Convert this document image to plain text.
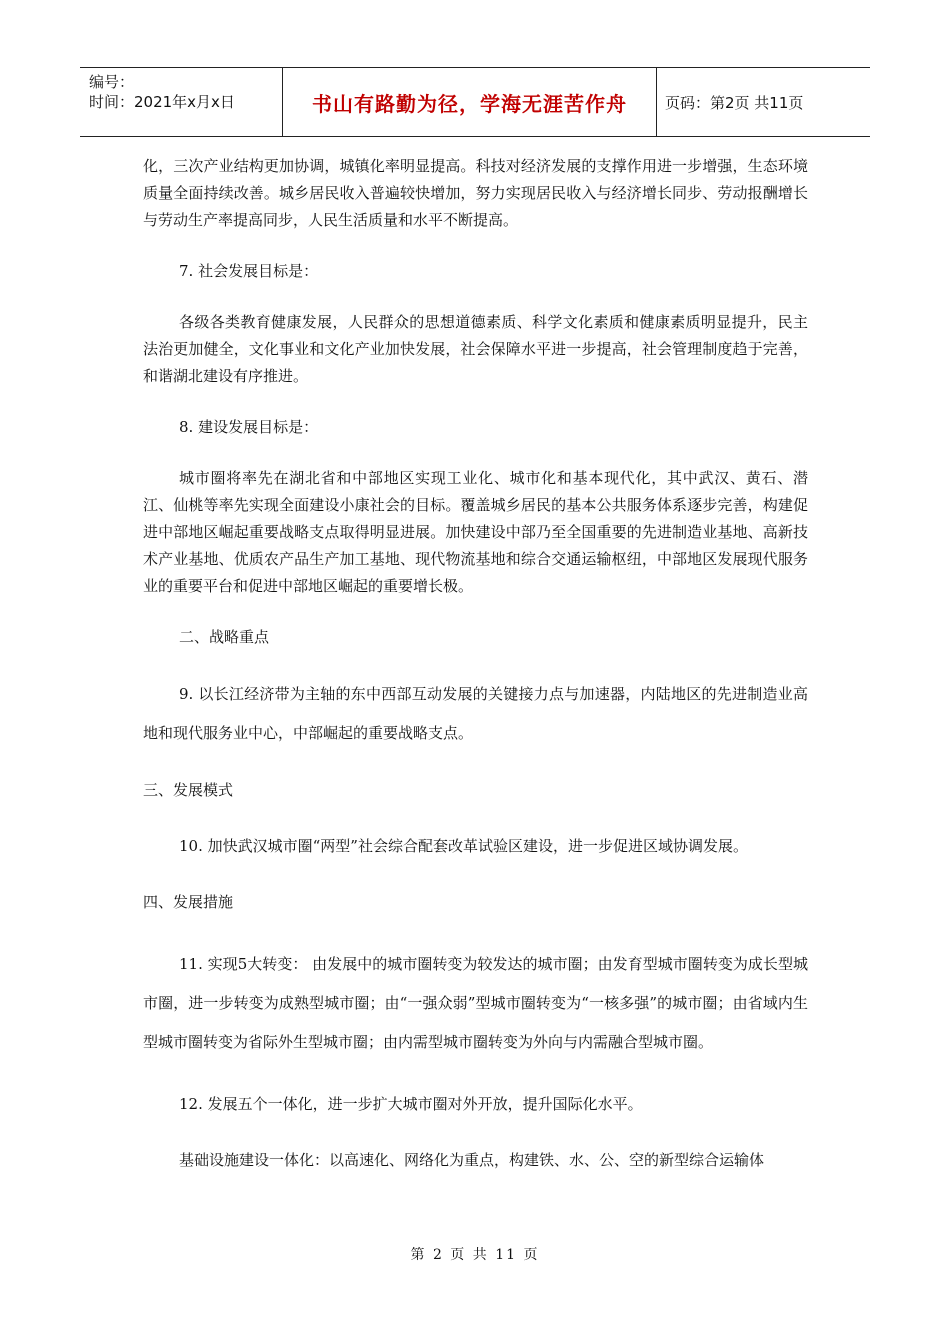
编号：
时间：2021年x月x日	书山有路勤为径，学海无涯苦作舟	页码：第2页 共11页

化，三次产业结构更加协调，城镇化率明显提高。科技对经济发展的支撑作用进一步增强，生态环境质量全面持续改善。城乡居民收入普遍较快增加，努力实现居民收入与经济增长同步、劳动报酬增长与劳动生产率提高同步，人民生活质量和水平不断提高。

7. 社会发展目标是：

各级各类教育健康发展，人民群众的思想道德素质、科学文化素质和健康素质明显提升，民主法治更加健全，文化事业和文化产业加快发展，社会保障水平进一步提高，社会管理制度趋于完善，和谐湖北建设有序推进。

8. 建设发展目标是：

城市圈将率先在湖北省和中部地区实现工业化、城市化和基本现代化，其中武汉、黄石、潜江、仙桃等率先实现全面建设小康社会的目标。覆盖城乡居民的基本公共服务体系逐步完善，构建促进中部地区崛起重要战略支点取得明显进展。加快建设中部乃至全国重要的先进制造业基地、高新技术产业基地、优质农产品生产加工基地、现代物流基地和综合交通运输枢纽，中部地区发展现代服务业的重要平台和促进中部地区崛起的重要增长极。

二、战略重点

9. 以长江经济带为主轴的东中西部互动发展的关键接力点与加速器，内陆地区的先进制造业高地和现代服务业中心，中部崛起的重要战略支点。

三、发展模式

10. 加快武汉城市圈“两型”社会综合配套改革试验区建设，进一步促进区域协调发展。

四、发展措施

11. 实现5大转变： 由发展中的城市圈转变为较发达的城市圈；由发育型城市圈转变为成长型城市圈，进一步转变为成熟型城市圈；由“一强众弱”型城市圈转变为“一核多强”的城市圈；由省域内生型城市圈转变为省际外生型城市圈；由内需型城市圈转变为外向与内需融合型城市圈。

12. 发展五个一体化，进一步扩大城市圈对外开放，提升国际化水平。

基础设施建设一体化：以高速化、网络化为重点，构建铁、水、公、空的新型综合运输体

第 2 页 共 11 页
